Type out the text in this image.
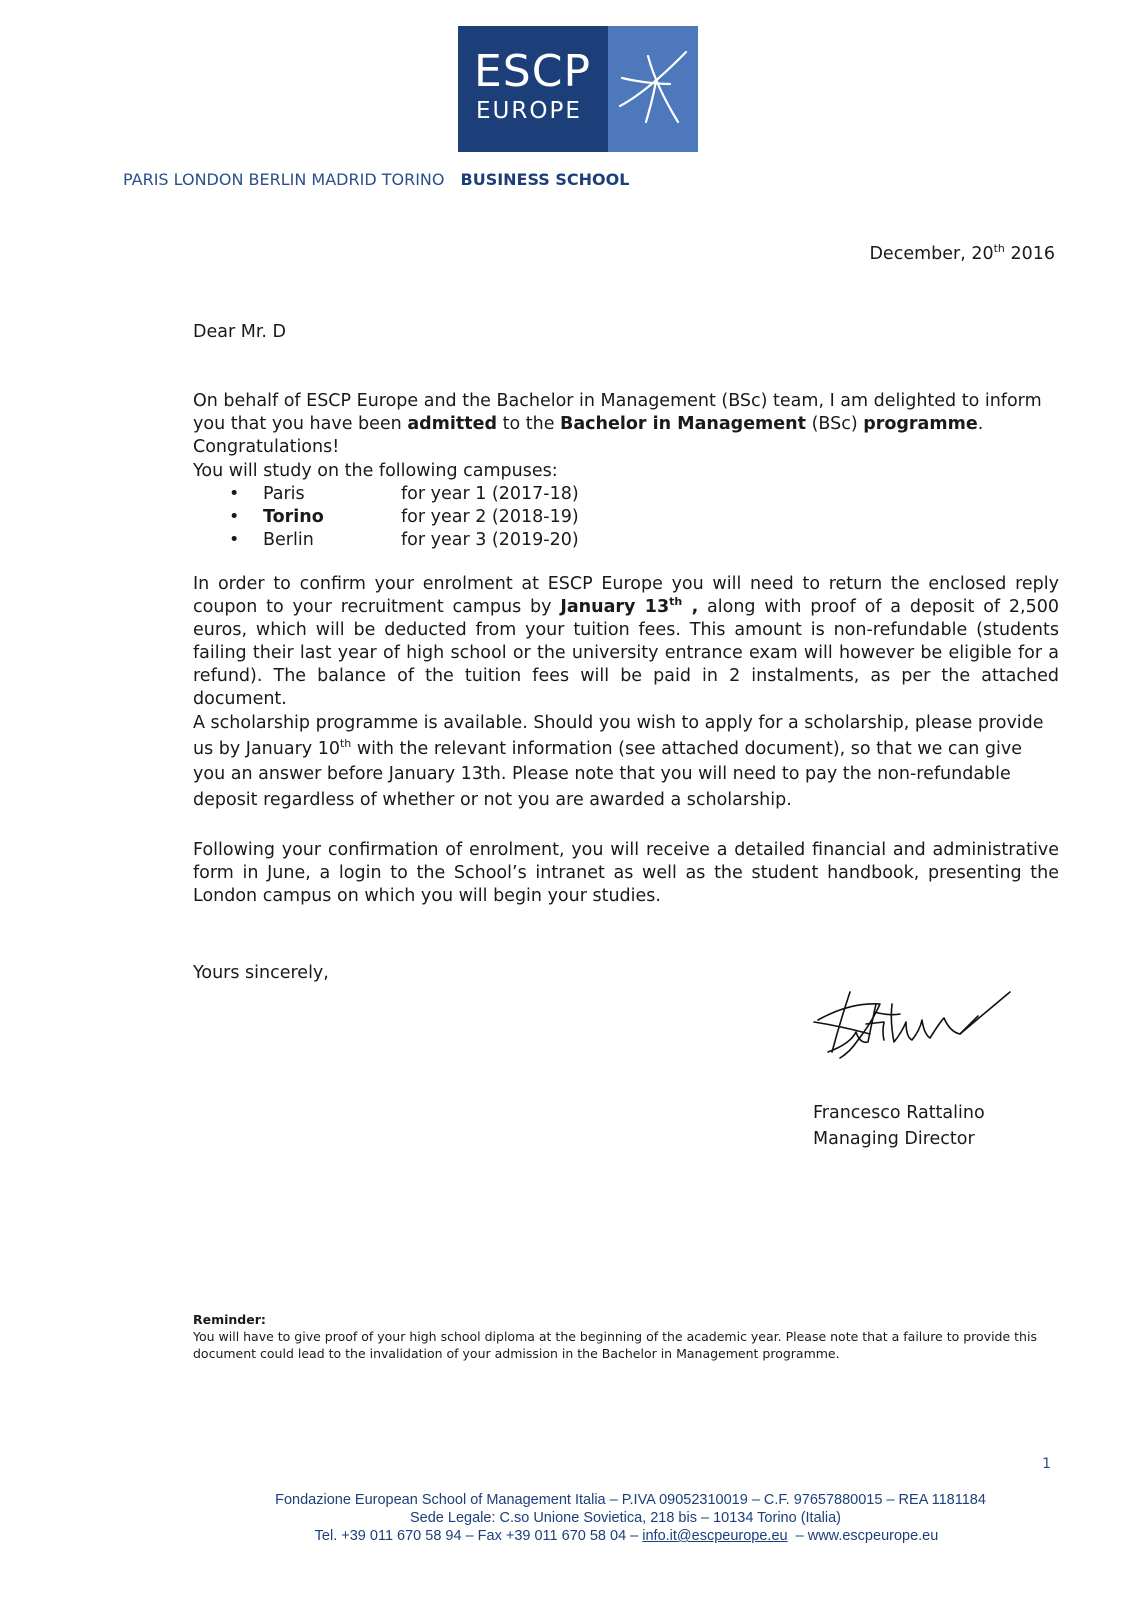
ESCP
EUROPE
PARIS LONDON BERLIN MADRID TORINO BUSINESS SCHOOL
December, 20th 2016
Dear Mr. D
On behalf of ESCP Europe and the Bachelor in Management (BSc) team, I am delighted to inform you that you have been admitted to the Bachelor in Management (BSc) programme. Congratulations!
You will study on the following campuses:
•	Paris	for year 1 (2017-18)
•	Torino	for year 2 (2018-19)
•	Berlin	for year 3 (2019-20)
In order to confirm your enrolment at ESCP Europe you will need to return the enclosed reply coupon to your recruitment campus by January 13th , along with proof of a deposit of 2,500 euros, which will be deducted from your tuition fees. This amount is non-refundable (students failing their last year of high school or the university entrance exam will however be eligible for a refund). The balance of the tuition fees will be paid in 2 instalments, as per the attached document.
A scholarship programme is available. Should you wish to apply for a scholarship, please provide us by January 10th with the relevant information (see attached document), so that we can give you an answer before January 13th. Please note that you will need to pay the non-refundable deposit regardless of whether or not you are awarded a scholarship.
Following your confirmation of enrolment, you will receive a detailed financial and administrative form in June, a login to the School’s intranet as well as the student handbook, presenting the London campus on which you will begin your studies.
Yours sincerely,
Francesco Rattalino
Managing Director
Reminder:
You will have to give proof of your high school diploma at the beginning of the academic year. Please note that a failure to provide this document could lead to the invalidation of your admission in the Bachelor in Management programme.
1
Fondazione European School of Management Italia – P.IVA 09052310019 – C.F. 97657880015 – REA 1181184
Sede Legale: C.so Unione Sovietica, 218 bis – 10134 Torino (Italia)
Tel. +39 011 670 58 94 – Fax +39 011 670 58 04 – info.it@escpeurope.eu  – www.escpeurope.eu
